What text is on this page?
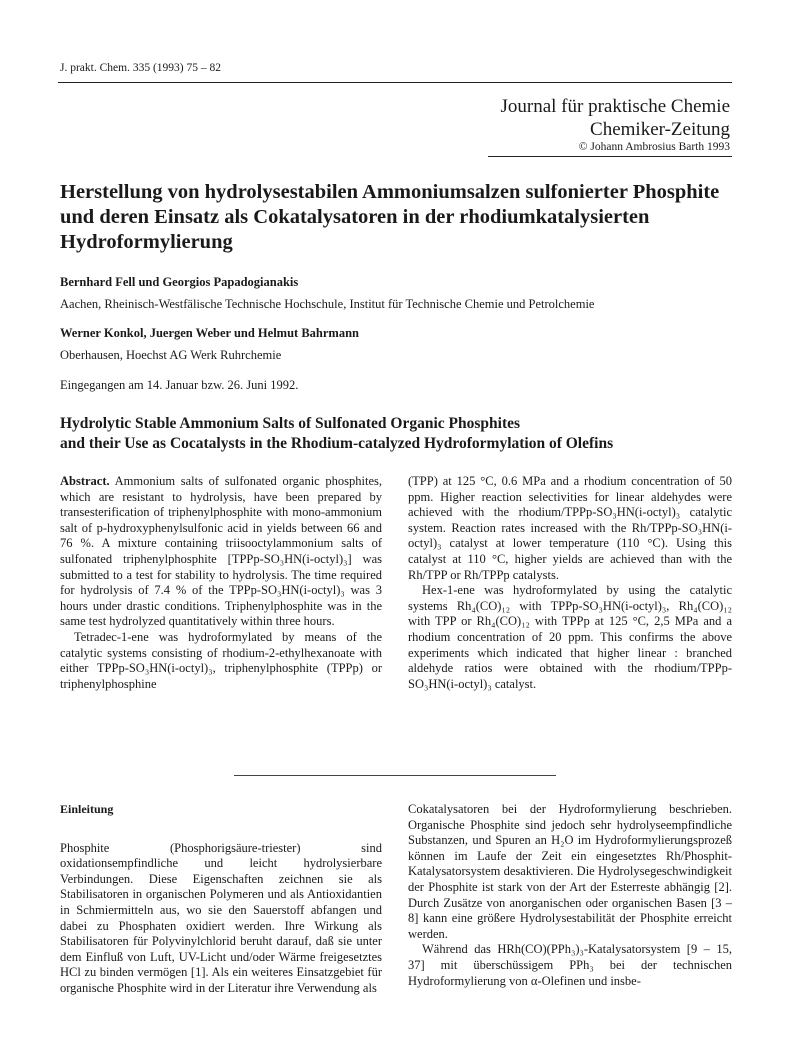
J. prakt. Chem. 335 (1993) 75 – 82
Journal für praktische Chemie
Chemiker-Zeitung
© Johann Ambrosius Barth 1993
Herstellung von hydrolysestabilen Ammoniumsalzen sulfonierter Phosphite
und deren Einsatz als Cokatalysatoren in der rhodiumkatalysierten
Hydroformylierung
Bernhard Fell und Georgios Papadogianakis
Aachen, Rheinisch-Westfälische Technische Hochschule, Institut für Technische Chemie und Petrolchemie
Werner Konkol, Juergen Weber und Helmut Bahrmann
Oberhausen, Hoechst AG Werk Ruhrchemie
Eingegangen am 14. Januar bzw. 26. Juni 1992.
Hydrolytic Stable Ammonium Salts of Sulfonated Organic Phosphites
and their Use as Cocatalysts in the Rhodium-catalyzed Hydroformylation of Olefins

Abstract. Ammonium salts of sulfonated organic phosphites, which are resistant to hydrolysis, have been prepared by transesterification of triphenylphosphite with mono-ammonium salt of p-hydroxyphenylsulfonic acid in yields between 66 and 76 %. A mixture containing triisooctylammonium salts of sulfonated triphenylphosphite [TPPp-SO₃HN(i-octyl)₃] was submitted to a test for stability to hydrolysis. The time required for hydrolysis of 7.4 % of the TPPp-SO₃HN(i-octyl)₃ was 3 hours under drastic conditions. Triphenylphosphite was in the same test hydrolyzed quantitatively within three hours.

Tetradec-1-ene was hydroformylated by means of the catalytic systems consisting of rhodium-2-ethylhexanoate with either TPPp-SO₃HN(i-octyl)₃, triphenylphosphite (TPPp) or triphenylphosphine

(TPP) at 125 °C, 0.6 MPa and a rhodium concentration of 50 ppm. Higher reaction selectivities for linear aldehydes were achieved with the rhodium/TPPp-SO₃HN(i-octyl)₃ catalytic system. Reaction rates increased with the Rh/TPPp-SO₃HN(i-octyl)₃ catalyst at lower temperature (110 °C). Using this catalyst at 110 °C, higher yields are achieved than with the Rh/TPP or Rh/TPPp catalysts.

Hex-1-ene was hydroformylated by using the catalytic systems Rh₄(CO)₁₂ with TPPp-SO₃HN(i-octyl)₃, Rh₄(CO)₁₂ with TPP or Rh₄(CO)₁₂ with TPPp at 125 °C, 2,5 MPa and a rhodium concentration of 20 ppm. This confirms the above experiments which indicated that higher linear : branched aldehyde ratios were obtained with the rhodium/TPPp-SO₃HN(i-octyl)₃ catalyst.

Einleitung

Phosphite (Phosphorigsäure-triester) sind oxidationsempfindliche und leicht hydrolysierbare Verbindungen. Diese Eigenschaften zeichnen sie als Stabilisatoren in organischen Polymeren und als Antioxidantien in Schmiermitteln aus, wo sie den Sauerstoff abfangen und dabei zu Phosphaten oxidiert werden. Ihre Wirkung als Stabilisatoren für Polyvinylchlorid beruht darauf, daß sie unter dem Einfluß von Luft, UV-Licht und/oder Wärme freigesetztes HCl zu binden vermögen [1]. Als ein weiteres Einsatzgebiet für organische Phosphite wird in der Literatur ihre Verwendung als

Cokatalysatoren bei der Hydroformylierung beschrieben. Organische Phosphite sind jedoch sehr hydrolyseempfindliche Substanzen, und Spuren an H₂O im Hydroformylierungsprozeß können im Laufe der Zeit ein eingesetztes Rh/Phosphit-Katalysatorsystem desaktivieren. Die Hydrolysegeschwindigkeit der Phosphite ist stark von der Art der Esterreste abhängig [2]. Durch Zusätze von anorganischen oder organischen Basen [3 – 8] kann eine größere Hydrolysestabilität der Phosphite erreicht werden.

Während das HRh(CO)(PPh₃)₃-Katalysatorsystem [9 – 15, 37] mit überschüssigem PPh₃ bei der technischen Hydroformylierung von α-Olefinen und insbe-
